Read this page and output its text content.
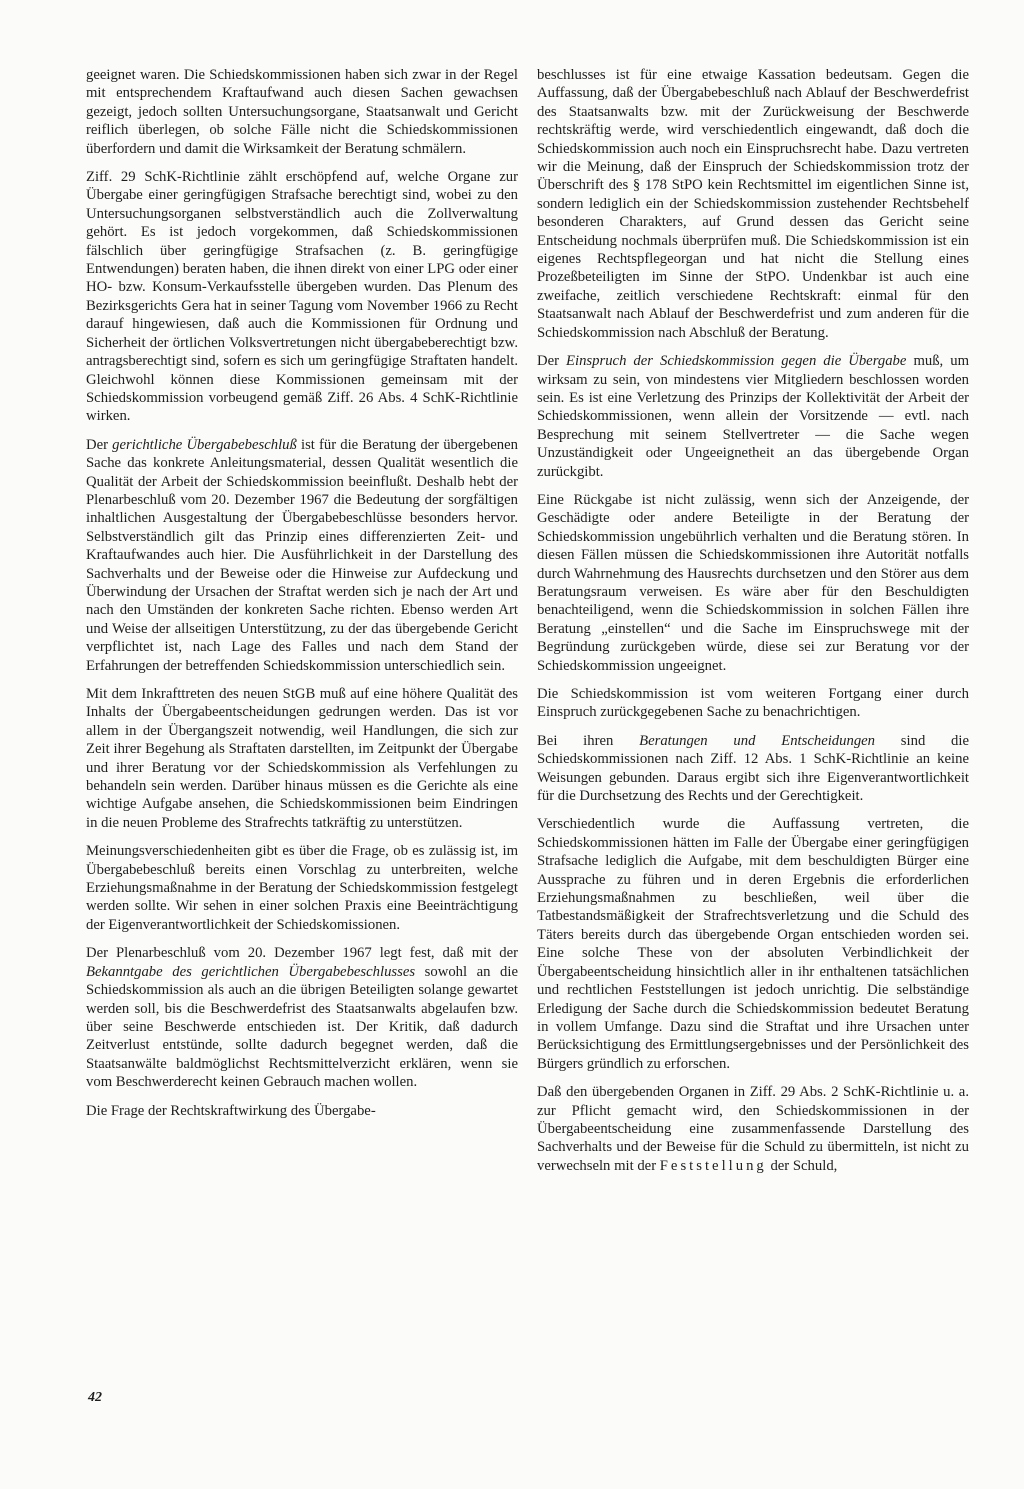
geeignet waren. Die Schiedskommissionen haben sich zwar in der Regel mit entsprechendem Kraftaufwand auch diesen Sachen gewachsen gezeigt, jedoch sollten Untersuchungsorgane, Staatsanwalt und Gericht reiflich überlegen, ob solche Fälle nicht die Schiedskommissionen überfordern und damit die Wirksamkeit der Beratung schmälern.

Ziff. 29 SchK-Richtlinie zählt erschöpfend auf, welche Organe zur Übergabe einer geringfügigen Strafsache berechtigt sind, wobei zu den Untersuchungsorganen selbstverständlich auch die Zollverwaltung gehört. Es ist jedoch vorgekommen, daß Schiedskommissionen fälschlich über geringfügige Strafsachen (z. B. geringfügige Entwendungen) beraten haben, die ihnen direkt von einer LPG oder einer HO- bzw. Konsum-Verkaufsstelle übergeben wurden. Das Plenum des Bezirksgerichts Gera hat in seiner Tagung vom November 1966 zu Recht darauf hingewiesen, daß auch die Kommissionen für Ordnung und Sicherheit der örtlichen Volksvertretungen nicht übergabeberechtigt bzw. antragsberechtigt sind, sofern es sich um geringfügige Straftaten handelt. Gleichwohl können diese Kommissionen gemeinsam mit der Schiedskommission vorbeugend gemäß Ziff. 26 Abs. 4 SchK-Richtlinie wirken.

Der gerichtliche Übergabebeschluß ist für die Beratung der übergebenen Sache das konkrete Anleitungsmaterial, dessen Qualität wesentlich die Qualität der Arbeit der Schiedskommission beeinflußt. Deshalb hebt der Plenarbeschluß vom 20. Dezember 1967 die Bedeutung der sorgfältigen inhaltlichen Ausgestaltung der Übergabebeschlüsse besonders hervor. Selbstverständlich gilt das Prinzip eines differenzierten Zeit- und Kraftaufwandes auch hier. Die Ausführlichkeit in der Darstellung des Sachverhalts und der Beweise oder die Hinweise zur Aufdeckung und Überwindung der Ursachen der Straftat werden sich je nach der Art und nach den Umständen der konkreten Sache richten. Ebenso werden Art und Weise der allseitigen Unterstützung, zu der das übergebende Gericht verpflichtet ist, nach Lage des Falles und nach dem Stand der Erfahrungen der betreffenden Schiedskommission unterschiedlich sein.

Mit dem Inkrafttreten des neuen StGB muß auf eine höhere Qualität des Inhalts der Übergabeentscheidungen gedrungen werden. Das ist vor allem in der Übergangszeit notwendig, weil Handlungen, die sich zur Zeit ihrer Begehung als Straftaten darstellten, im Zeitpunkt der Übergabe und ihrer Beratung vor der Schiedskommission als Verfehlungen zu behandeln sein werden. Darüber hinaus müssen es die Gerichte als eine wichtige Aufgabe ansehen, die Schiedskommissionen beim Eindringen in die neuen Probleme des Strafrechts tatkräftig zu unterstützen.

Meinungsverschiedenheiten gibt es über die Frage, ob es zulässig ist, im Übergabebeschluß bereits einen Vorschlag zu unterbreiten, welche Erziehungsmaßnahme in der Beratung der Schiedskommission festgelegt werden sollte. Wir sehen in einer solchen Praxis eine Beeinträchtigung der Eigenverantwortlichkeit der Schiedskomissionen.

Der Plenarbeschluß vom 20. Dezember 1967 legt fest, daß mit der Bekanntgabe des gerichtlichen Übergabebeschlusses sowohl an die Schiedskommission als auch an die übrigen Beteiligten solange gewartet werden soll, bis die Beschwerdefrist des Staatsanwalts abgelaufen bzw. über seine Beschwerde entschieden ist. Der Kritik, daß dadurch Zeitverlust entstünde, sollte dadurch begegnet werden, daß die Staatsanwälte baldmöglichst Rechtsmittelverzicht erklären, wenn sie vom Beschwerderecht keinen Gebrauch machen wollen.

Die Frage der Rechtskraftwirkung des Übergabe-

beschlusses ist für eine etwaige Kassation bedeutsam. Gegen die Auffassung, daß der Übergabebeschluß nach Ablauf der Beschwerdefrist des Staatsanwalts bzw. mit der Zurückweisung der Beschwerde rechtskräftig werde, wird verschiedentlich eingewandt, daß doch die Schiedskommission auch noch ein Einspruchsrecht habe. Dazu vertreten wir die Meinung, daß der Einspruch der Schiedskommission trotz der Überschrift des § 178 StPO kein Rechtsmittel im eigentlichen Sinne ist, sondern lediglich ein der Schiedskommission zustehender Rechtsbehelf besonderen Charakters, auf Grund dessen das Gericht seine Entscheidung nochmals überprüfen muß. Die Schiedskommission ist ein eigenes Rechtspflegeorgan und hat nicht die Stellung eines Prozeßbeteiligten im Sinne der StPO. Undenkbar ist auch eine zweifache, zeitlich verschiedene Rechtskraft: einmal für den Staatsanwalt nach Ablauf der Beschwerdefrist und zum anderen für die Schiedskommission nach Abschluß der Beratung.

Der Einspruch der Schiedskommission gegen die Übergabe muß, um wirksam zu sein, von mindestens vier Mitgliedern beschlossen worden sein. Es ist eine Verletzung des Prinzips der Kollektivität der Arbeit der Schiedskommissionen, wenn allein der Vorsitzende — evtl. nach Besprechung mit seinem Stellvertreter — die Sache wegen Unzuständigkeit oder Ungeeignetheit an das übergebende Organ zurückgibt.

Eine Rückgabe ist nicht zulässig, wenn sich der Anzeigende, der Geschädigte oder andere Beteiligte in der Beratung der Schiedskommission ungebührlich verhalten und die Beratung stören. In diesen Fällen müssen die Schiedskommissionen ihre Autorität notfalls durch Wahrnehmung des Hausrechts durchsetzen und den Störer aus dem Beratungsraum verweisen. Es wäre aber für den Beschuldigten benachteiligend, wenn die Schiedskommission in solchen Fällen ihre Beratung „einstellen“ und die Sache im Einspruchswege mit der Begründung zurückgeben würde, diese sei zur Beratung vor der Schiedskommission ungeeignet.

Die Schiedskommission ist vom weiteren Fortgang einer durch Einspruch zurückgegebenen Sache zu benachrichtigen.

Bei ihren Beratungen und Entscheidungen sind die Schiedskommissionen nach Ziff. 12 Abs. 1 SchK-Richtlinie an keine Weisungen gebunden. Daraus ergibt sich ihre Eigenverantwortlichkeit für die Durchsetzung des Rechts und der Gerechtigkeit.

Verschiedentlich wurde die Auffassung vertreten, die Schiedskommissionen hätten im Falle der Übergabe einer geringfügigen Strafsache lediglich die Aufgabe, mit dem beschuldigten Bürger eine Aussprache zu führen und in deren Ergebnis die erforderlichen Erziehungsmaßnahmen zu beschließen, weil über die Tatbestandsmäßigkeit der Strafrechtsverletzung und die Schuld des Täters bereits durch das übergebende Organ entschieden worden sei. Eine solche These von der absoluten Verbindlichkeit der Übergabeentscheidung hinsichtlich aller in ihr enthaltenen tatsächlichen und rechtlichen Feststellungen ist jedoch unrichtig. Die selbständige Erledigung der Sache durch die Schiedskommission bedeutet Beratung in vollem Umfange. Dazu sind die Straftat und ihre Ursachen unter Berücksichtigung des Ermittlungsergebnisses und der Persönlichkeit des Bürgers gründlich zu erforschen.

Daß den übergebenden Organen in Ziff. 29 Abs. 2 SchK-Richtlinie u. a. zur Pflicht gemacht wird, den Schiedskommissionen in der Übergabeentscheidung eine zusammenfassende Darstellung des Sachverhalts und der Beweise für die Schuld zu übermitteln, ist nicht zu verwechseln mit der Feststellung der Schuld,

42
